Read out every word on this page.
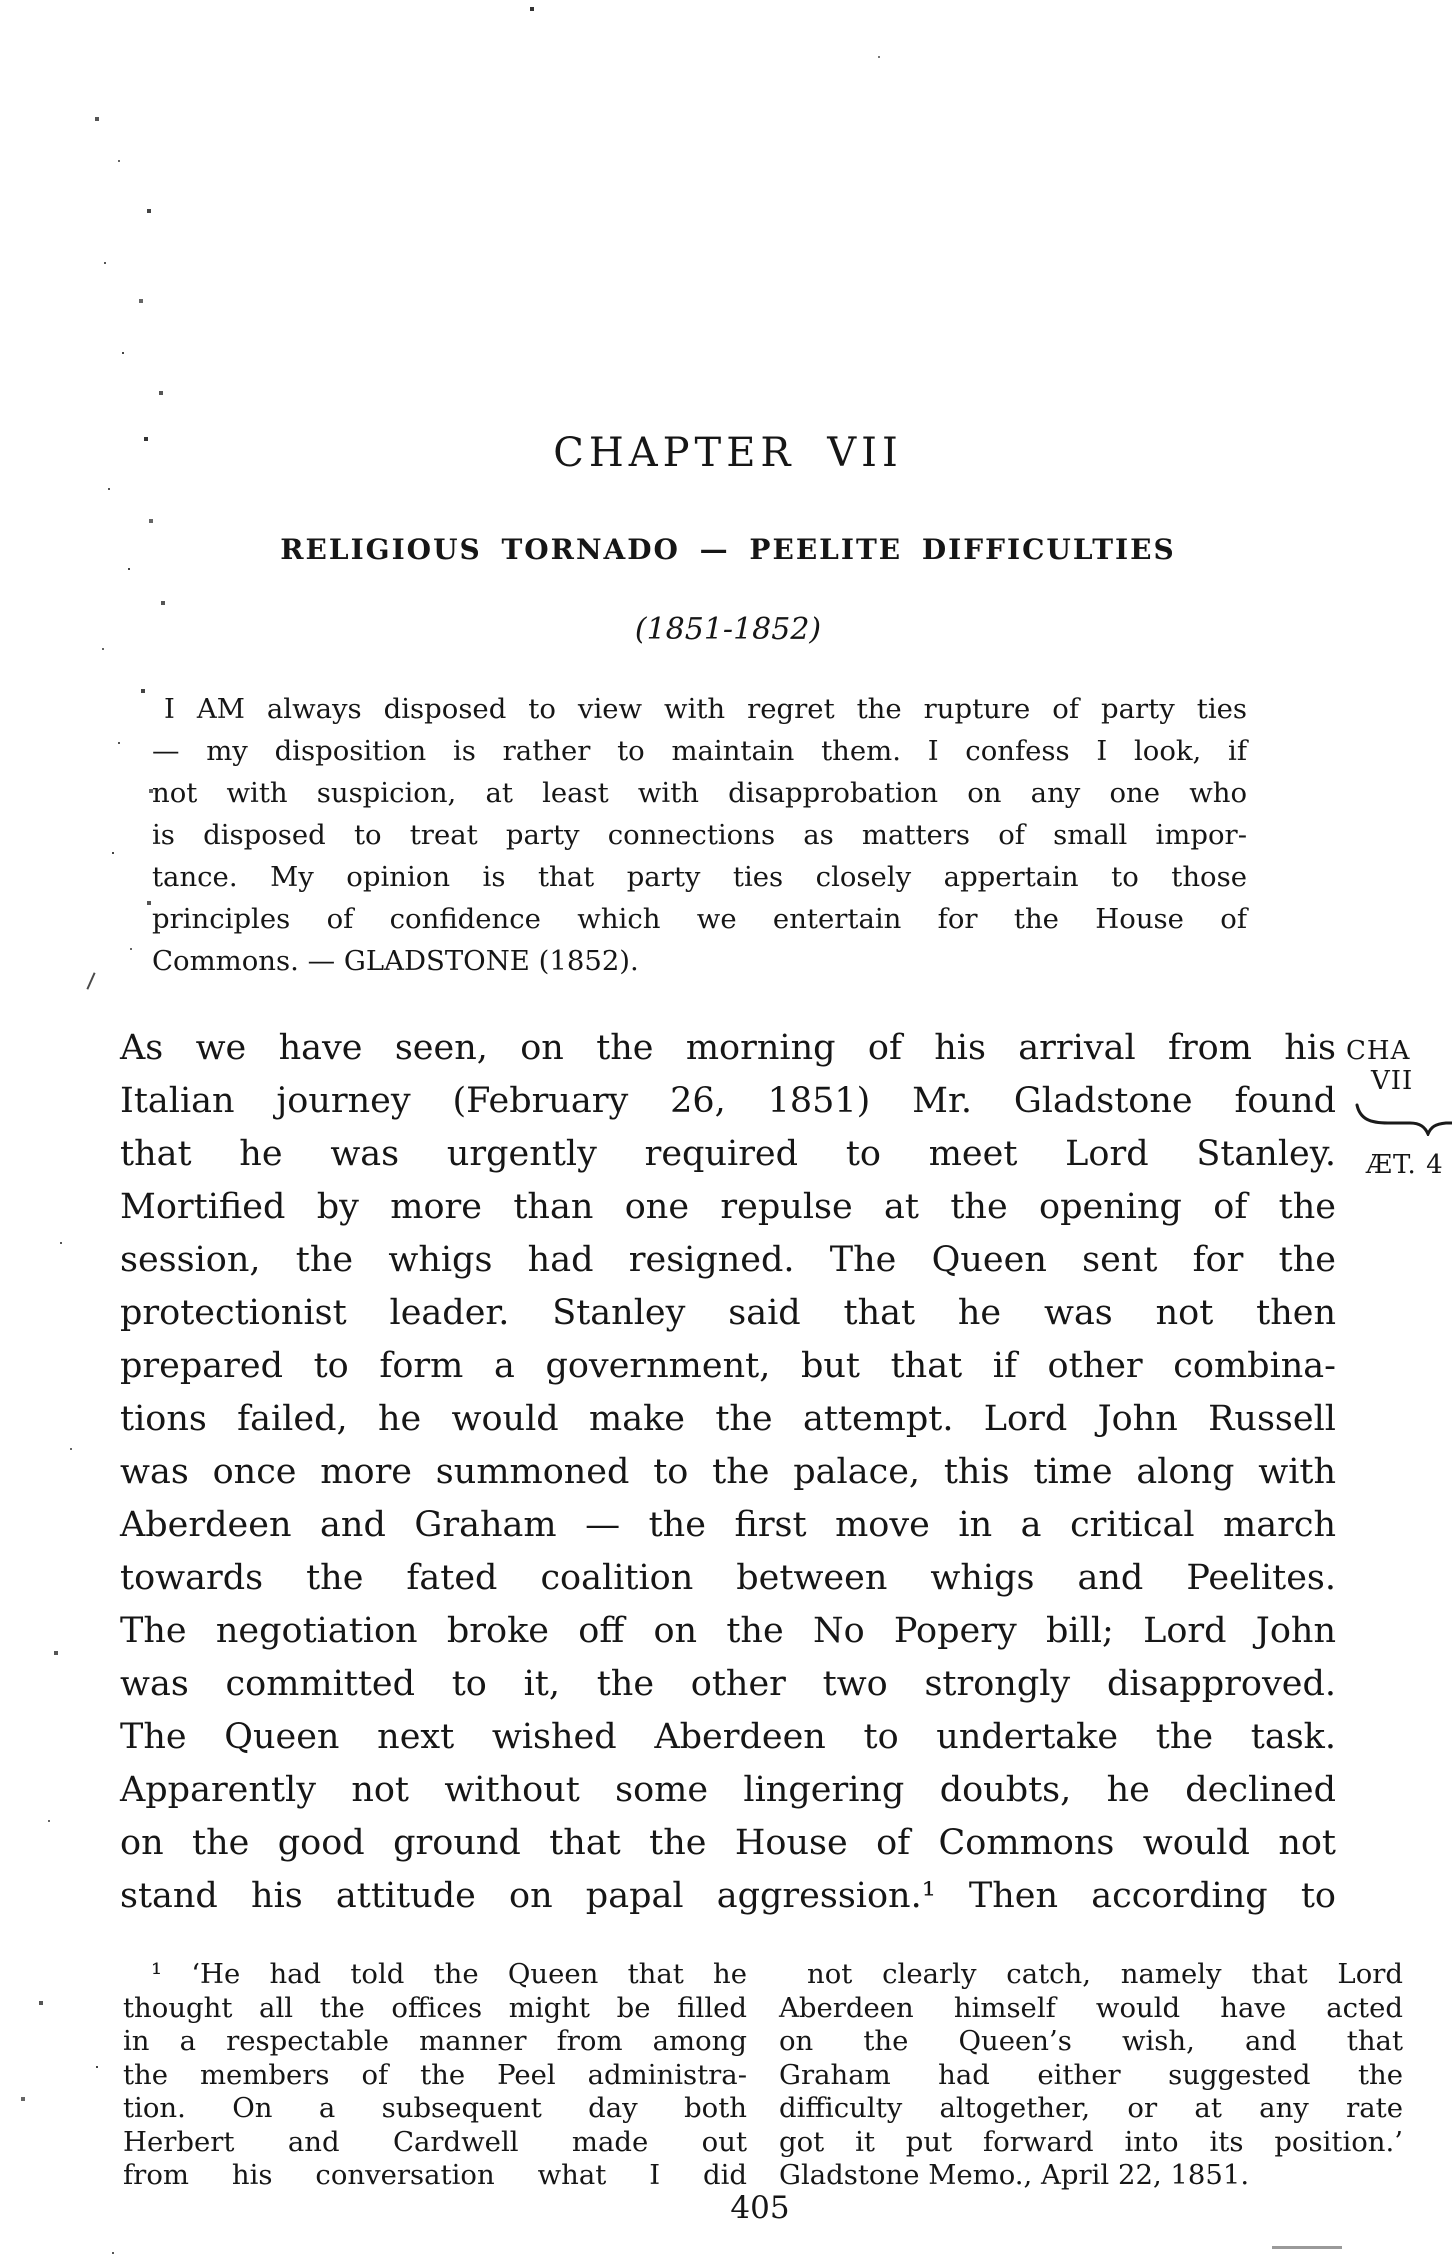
CHAPTER VII
RELIGIOUS TORNADO — PEELITE DIFFICULTIES
(1851-1852)
I AM always disposed to view with regret the rupture of party ties
— my disposition is rather to maintain them. I confess I look, if
not with suspicion, at least with disapprobation on any one who
is disposed to treat party connections as matters of small impor-
tance. My opinion is that party ties closely appertain to those
principles of confidence which we entertain for the House of
Commons. — GLADSTONE (1852).
As we have seen, on the morning of his arrival from his
Italian journey (February 26, 1851) Mr. Gladstone found
that he was urgently required to meet Lord Stanley.
Mortified by more than one repulse at the opening of the
session, the whigs had resigned. The Queen sent for the
protectionist leader. Stanley said that he was not then
prepared to form a government, but that if other combina-
tions failed, he would make the attempt. Lord John Russell
was once more summoned to the palace, this time along with
Aberdeen and Graham — the first move in a critical march
towards the fated coalition between whigs and Peelites.
The negotiation broke off on the No Popery bill; Lord John
was committed to it, the other two strongly disapproved.
The Queen next wished Aberdeen to undertake the task.
Apparently not without some lingering doubts, he declined
on the good ground that the House of Commons would not
stand his attitude on papal aggression.¹ Then according to
CHA
VII
ÆT. 4
¹ ‘He had told the Queen that he
thought all the offices might be filled
in a respectable manner from among
the members of the Peel administra-
tion. On a subsequent day both
Herbert and Cardwell made out
from his conversation what I did
not clearly catch, namely that Lord
Aberdeen himself would have acted
on the Queen’s wish, and that
Graham had either suggested the
difficulty altogether, or at any rate
got it put forward into its position.’
Gladstone Memo., April 22, 1851.
405
